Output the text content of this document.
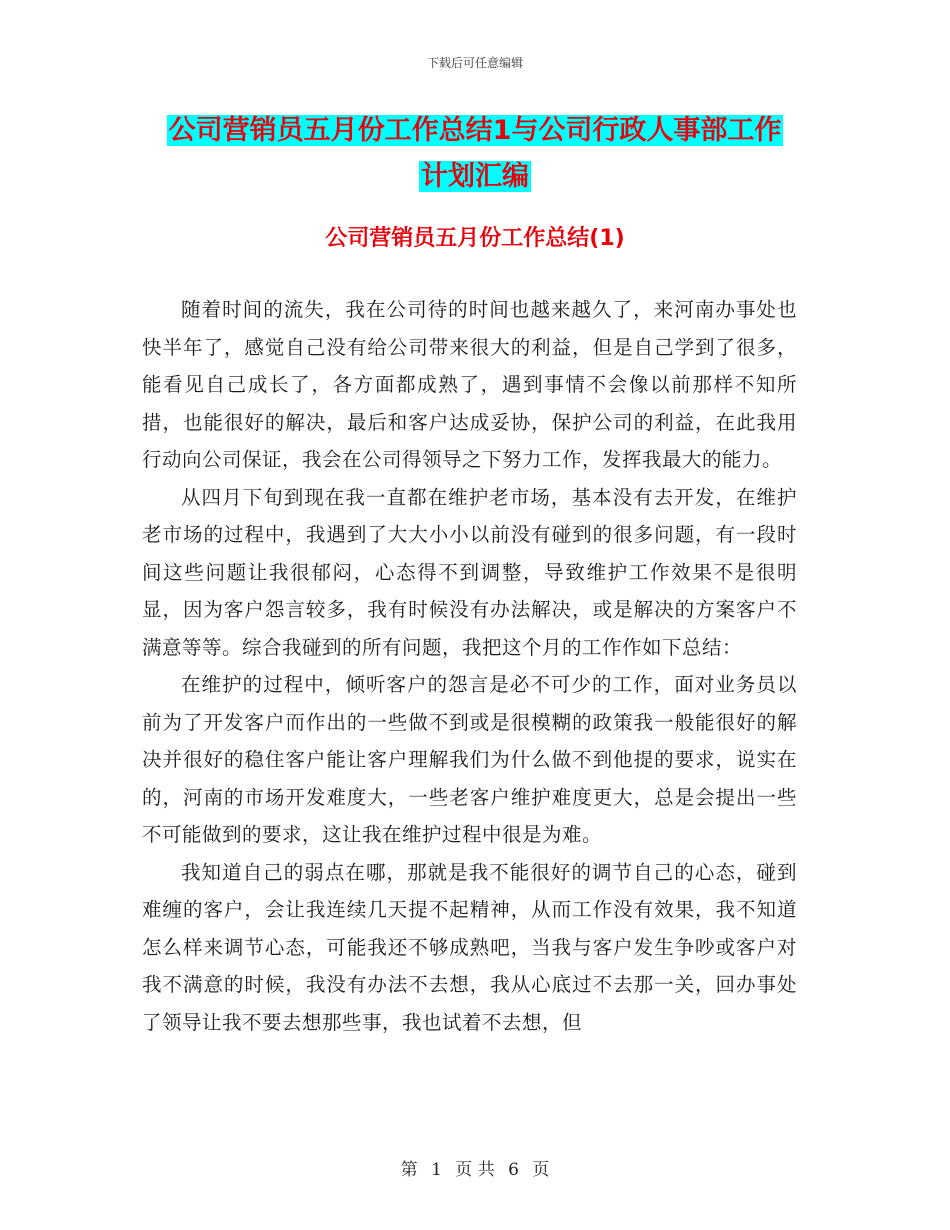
下载后可任意编辑
公司营销员五月份工作总结1与公司行政人事部工作
计划汇编
公司营销员五月份工作总结(1)

随着时间的流失，我在公司待的时间也越来越久了，来河南办事处也快半年了，感觉自己没有给公司带来很大的利益，但是自己学到了很多，能看见自己成长了，各方面都成熟了，遇到事情不会像以前那样不知所措，也能很好的解决，最后和客户达成妥协，保护公司的利益，在此我用行动向公司保证，我会在公司得领导之下努力工作，发挥我最大的能力。

从四月下旬到现在我一直都在维护老市场，基本没有去开发，在维护老市场的过程中，我遇到了大大小小以前没有碰到的很多问题，有一段时间这些问题让我很郁闷，心态得不到调整，导致维护工作效果不是很明显，因为客户怨言较多，我有时候没有办法解决，或是解决的方案客户不满意等等。综合我碰到的所有问题，我把这个月的工作作如下总结：

在维护的过程中，倾听客户的怨言是必不可少的工作，面对业务员以前为了开发客户而作出的一些做不到或是很模糊的政策我一般能很好的解决并很好的稳住客户能让客户理解我们为什么做不到他提的要求，说实在的，河南的市场开发难度大，一些老客户维护难度更大，总是会提出一些不可能做到的要求，这让我在维护过程中很是为难。

我知道自己的弱点在哪，那就是我不能很好的调节自己的心态，碰到难缠的客户，会让我连续几天提不起精神，从而工作没有效果，我不知道怎么样来调节心态，可能我还不够成熟吧，当我与客户发生争吵或客户对我不满意的时候，我没有办法不去想，我从心底过不去那一关，回办事处了领导让我不要去想那些事，我也试着不去想，但

第 1 页 共 6 页
